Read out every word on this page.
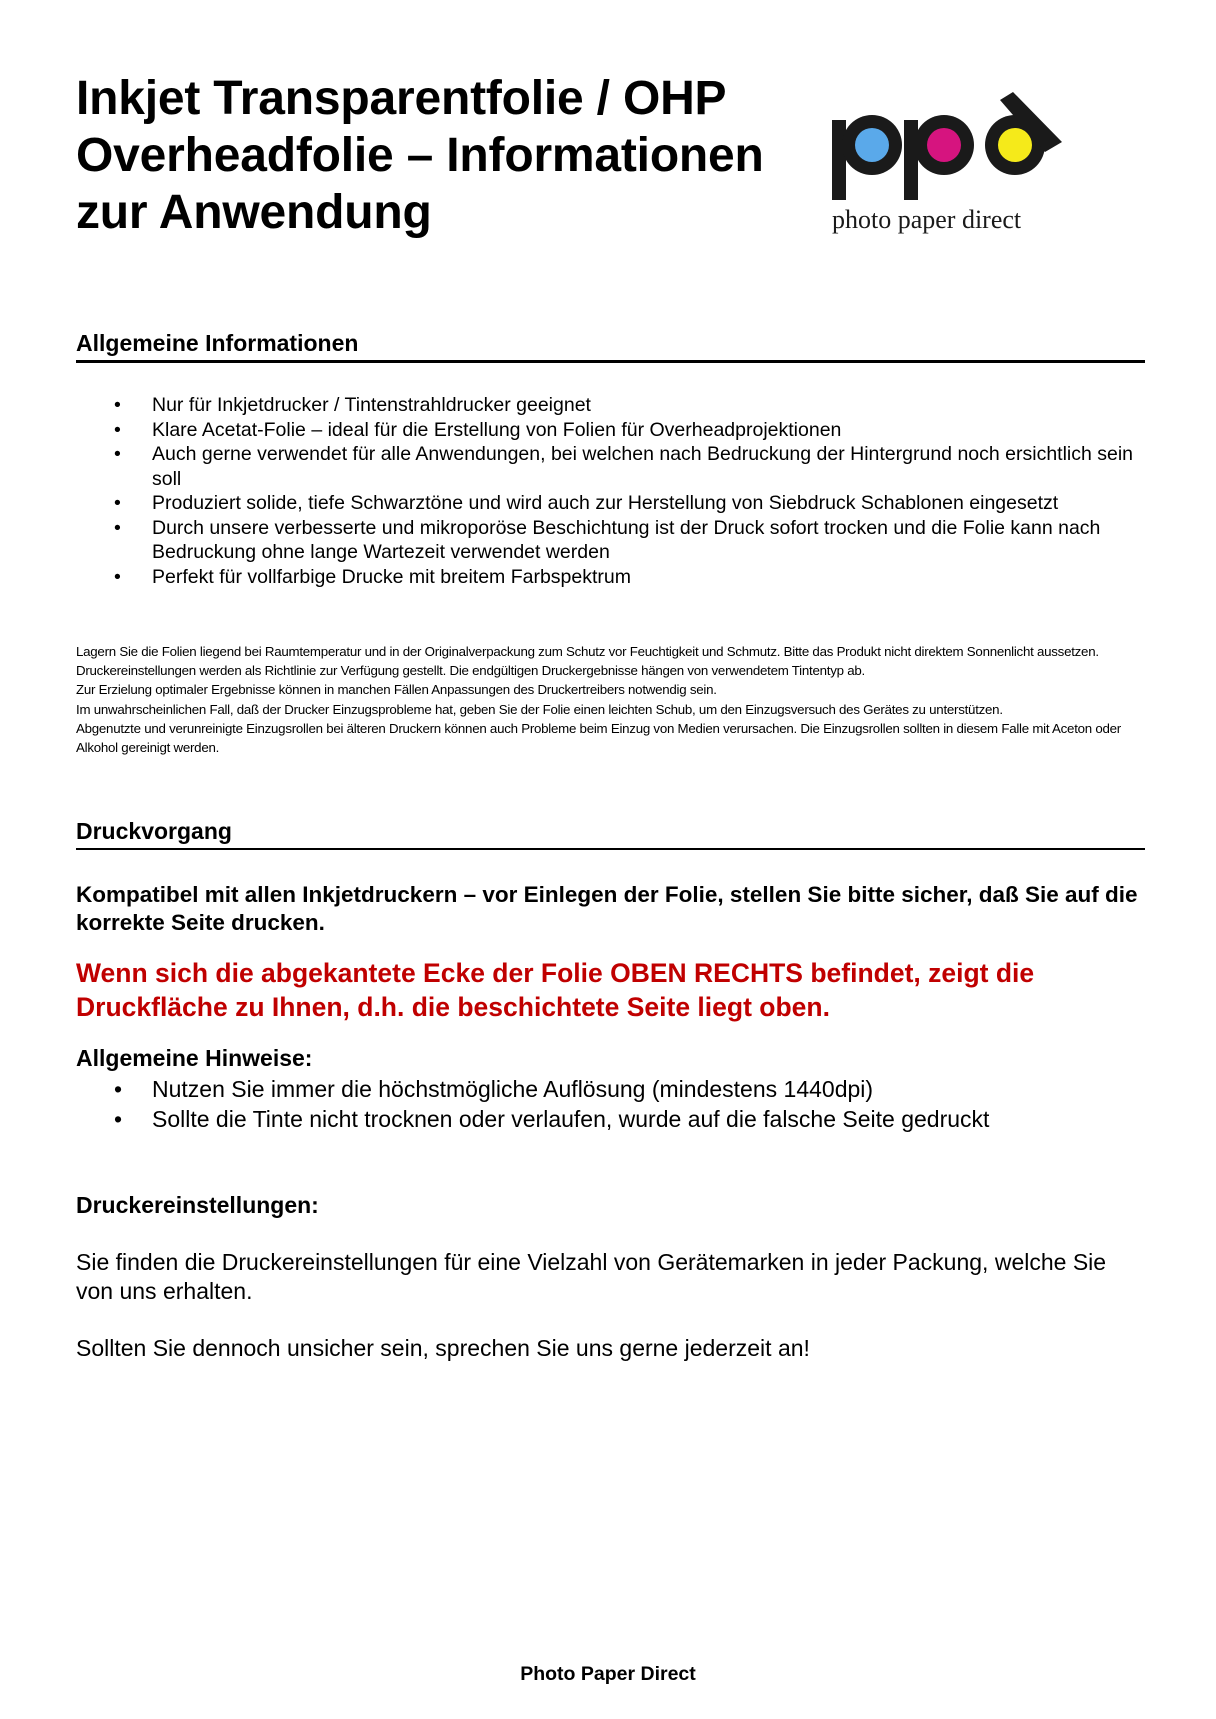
Inkjet Transparentfolie / OHP Overheadfolie – Informationen zur Anwendung	photo paper direct
Allgemeine Informationen
• Nur für Inkjetdrucker / Tintenstrahldrucker geeignet
• Klare Acetat-Folie – ideal für die Erstellung von Folien für Overheadprojektionen
• Auch gerne verwendet für alle Anwendungen, bei welchen nach Bedruckung der Hintergrund noch ersichtlich sein soll
• Produziert solide, tiefe Schwarztöne und wird auch zur Herstellung von Siebdruck Schablonen eingesetzt
• Durch unsere verbesserte und mikroporöse Beschichtung ist der Druck sofort trocken und die Folie kann nach Bedruckung ohne lange Wartezeit verwendet werden
• Perfekt für vollfarbige Drucke mit breitem Farbspektrum

Lagern Sie die Folien liegend bei Raumtemperatur und in der Originalverpackung zum Schutz vor Feuchtigkeit und Schmutz. Bitte das Produkt nicht direktem Sonnenlicht aussetzen.

Druckereinstellungen werden als Richtlinie zur Verfügung gestellt. Die endgültigen Druckergebnisse hängen von verwendetem Tintentyp ab.

Zur Erzielung optimaler Ergebnisse können in manchen Fällen Anpassungen des Druckertreibers notwendig sein.

Im unwahrscheinlichen Fall, daß der Drucker Einzugsprobleme hat, geben Sie der Folie einen leichten Schub, um den Einzugsversuch des Gerätes zu unterstützen.

Abgenutzte und verunreinigte Einzugsrollen bei älteren Druckern können auch Probleme beim Einzug von Medien verursachen. Die Einzugsrollen sollten in diesem Falle mit Aceton oder Alkohol gereinigt werden.

Druckvorgang

Kompatibel mit allen Inkjetdruckern – vor Einlegen der Folie, stellen Sie bitte sicher, daß Sie auf die korrekte Seite drucken.

Wenn sich die abgekantete Ecke der Folie OBEN RECHTS befindet, zeigt die Druckfläche zu Ihnen, d.h. die beschichtete Seite liegt oben.

Allgemeine Hinweise:
• Nutzen Sie immer die höchstmögliche Auflösung (mindestens 1440dpi)
• Sollte die Tinte nicht trocknen oder verlaufen, wurde auf die falsche Seite gedruckt
Druckereinstellungen:

Sie finden die Druckereinstellungen für eine Vielzahl von Gerätemarken in jeder Packung, welche Sie von uns erhalten.

Sollten Sie dennoch unsicher sein, sprechen Sie uns gerne jederzeit an!

Photo Paper Direct
